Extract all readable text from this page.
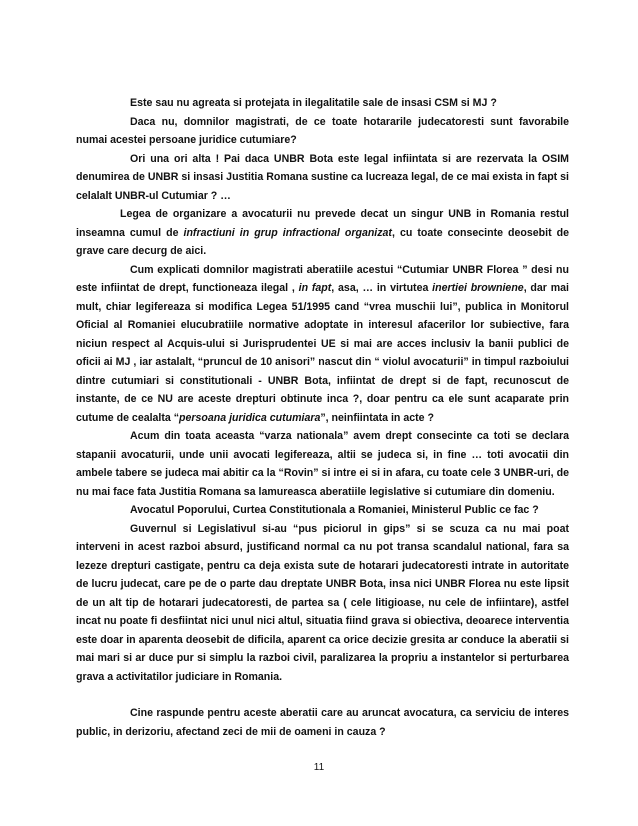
Este sau nu agreata si protejata in ilegalitatile sale de insasi CSM si MJ ?

Daca nu, domnilor magistrati, de ce toate hotararile judecatoresti sunt favorabile numai acestei persoane juridice cutumiare?

Ori una ori alta ! Pai daca UNBR Bota este legal infiintata si are rezervata la OSIM denumirea de UNBR si insasi Justitia Romana sustine ca lucreaza legal, de ce mai exista in fapt si celalalt UNBR-ul Cutumiar ? …

Legea de organizare a avocaturii nu prevede decat un singur UNB in Romania restul inseamna cumul de infractiuni in grup infractional organizat, cu toate consecinte deosebit de grave care decurg de aici.

Cum explicati domnilor magistrati aberatiile acestui “Cutumiar UNBR Florea ” desi nu este infiintat de drept, functioneaza ilegal , in fapt, asa, … in virtutea inertiei browniene, dar mai mult, chiar legifereaza si modifica Legea 51/1995 cand “vrea muschii lui”, publica in Monitorul Oficial al Romaniei elucubratiile normative adoptate in interesul afacerilor lor subiective, fara niciun respect al Acquis-ului si Jurisprudentei UE si mai are acces inclusiv la banii publici de oficii ai MJ , iar astalalt, “pruncul de 10 anisori” nascut din “ violul avocaturii” in timpul razboiului dintre cutumiari si constitutionali - UNBR Bota, infiintat de drept si de fapt, recunoscut de instante, de ce NU are aceste drepturi obtinute inca ?, doar pentru ca ele sunt acaparate prin cutume de cealalta “persoana juridica cutumiara”, neinfiintata in acte ?

Acum din toata aceasta “varza nationala” avem drept consecinte ca toti se declara stapanii avocaturii, unde unii avocati legifereaza, altii se judeca si, in fine … toti avocatii din ambele tabere se judeca mai abitir ca la “Rovin” si intre ei si in afara, cu toate cele 3 UNBR-uri, de nu mai face fata Justitia Romana sa lamureasca aberatiile legislative si cutumiare din domeniu.

Avocatul Poporului, Curtea Constitutionala a Romaniei, Ministerul Public ce fac ?

Guvernul si Legislativul si-au “pus piciorul in gips” si se scuza ca nu mai poat interveni in acest razboi absurd, justificand normal ca nu pot transa scandalul national, fara sa lezeze drepturi castigate, pentru ca deja exista sute de hotarari judecatoresti intrate in autoritate de lucru judecat, care pe de o parte dau dreptate UNBR Bota, insa nici UNBR Florea nu este lipsit de un alt tip de hotarari judecatoresti, de partea sa ( cele litigioase, nu cele de infiintare), astfel incat nu poate fi desfiintat nici unul nici altul, situatia fiind grava si obiectiva, deoarece interventia este doar in aparenta deosebit de dificila, aparent ca orice decizie gresita ar conduce la aberatii si mai mari si ar duce pur si simplu la razboi civil, paralizarea la propriu a instantelor si perturbarea grava a activitatilor judiciare in Romania.

Cine raspunde pentru aceste aberatii care au aruncat avocatura, ca serviciu de interes public, in derizoriu, afectand zeci de mii de oameni in cauza ?

11
